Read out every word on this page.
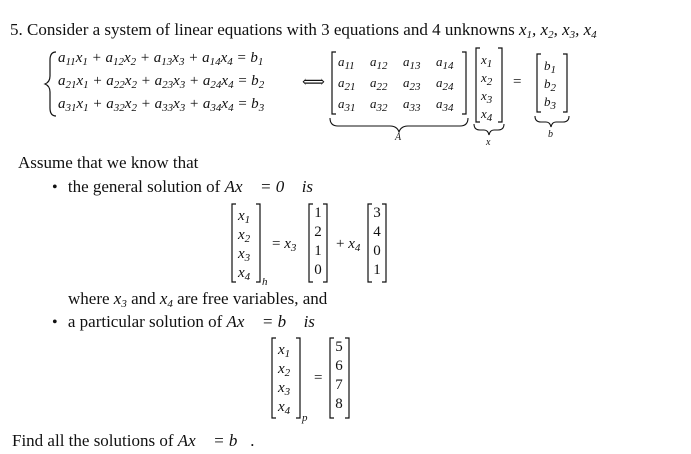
5. Consider a system of linear equations with 3 equations and 4 unknowns $x_1$, $x_2$, $x_3$, $x_4$
$a_{11}x_1 + a_{12}x_2 + a_{13}x_3 + a_{14}x_4 = b_1$
$a_{21}x_1 + a_{22}x_2 + a_{23}x_3 + a_{24}x_4 = b_2$
$a_{31}x_1 + a_{32}x_2 + a_{33}x_3 + a_{34}x_4 = b_3$
⟺
$a_{11}$ $a_{12}$ $a_{13}$ $a_{14}$
$a_{21}$ $a_{22}$ $a_{23}$ $a_{24}$
$a_{31}$ $a_{32}$ $a_{33}$ $a_{34}$
$x_1$
$x_2$
$x_3$
$x_4$
=
$b_1$
$b_2$
$b_3$
A	x⃗
b⃗
Assume that we know that
• the general solution of Ax⃗ = 0⃗ is
$x_1$
$x_2$
$x_3$
$x_4$ h
= $x_3$
1
2
1
0
+ $x_4$
3
4
0
1
where $x_3$ and $x_4$ are free variables, and
• a particular solution of Ax⃗ = b⃗ is
$x_1$
$x_2$
$x_3$
$x_4$
p
=
5
6
7
8
Find all the solutions of Ax⃗ = b⃗.
